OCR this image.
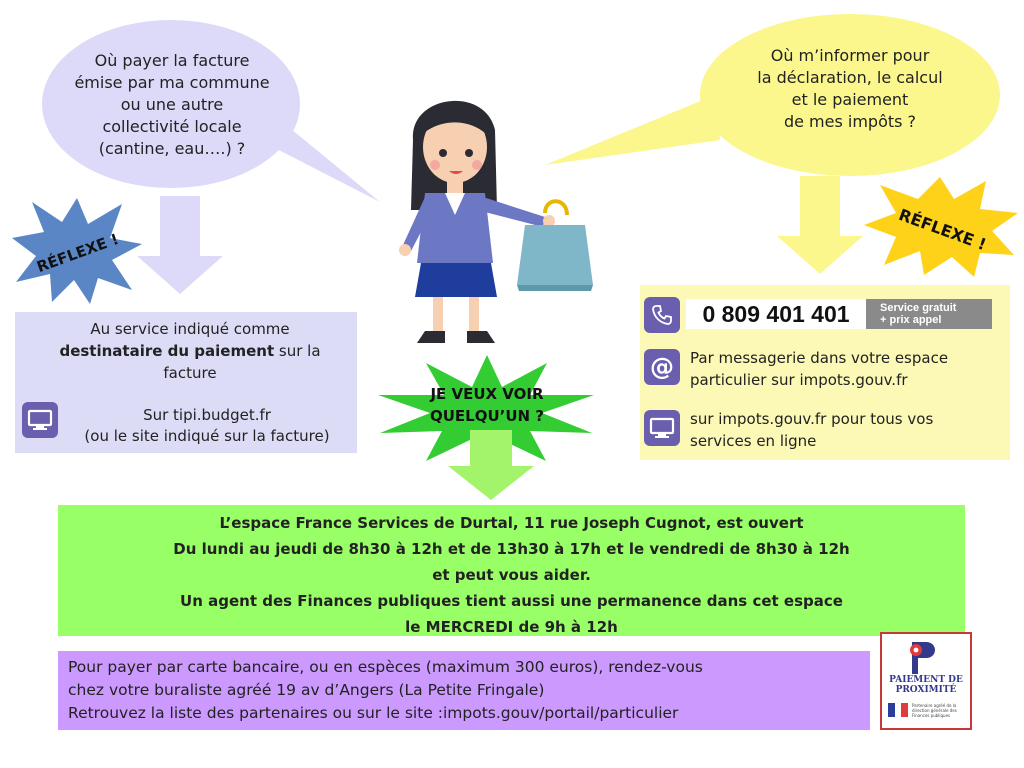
Où payer la facture
émise par ma commune
ou une autre
collectivité locale
(cantine, eau….) ?
Où m’informer pour
la déclaration, le calcul
et le paiement
de mes impôts ?
RÉFLEXE !	RÉFLEXE !
Au service indiqué comme
destinataire du paiement sur la
facture
Sur tipi.budget.fr
(ou le site indiqué sur la facture)
0 809 401 401	Service gratuit
+ prix appel
@ Par messagerie dans votre espace
particulier sur impots.gouv.fr
sur impots.gouv.fr pour tous vos
services en ligne
JE VEUX VOIR
QUELQU’UN ?
L’espace France Services de Durtal, 11 rue Joseph Cugnot, est ouvert
Du lundi au jeudi de 8h30 à 12h et de 13h30 à 17h et le vendredi de 8h30 à 12h
et peut vous aider.
Un agent des Finances publiques tient aussi une permanence dans cet espace
le MERCREDI de 9h à 12h
Pour payer par carte bancaire, ou en espèces (maximum 300 euros), rendez-vous
chez votre buraliste agréé 19 av d’Angers (La Petite Fringale)
Retrouvez la liste des partenaires ou sur le site :impots.gouv/portail/particulier
PAIEMENT DE
PROXIMITÉ
Partenaire agréé de la direction générale des Finances publiques
